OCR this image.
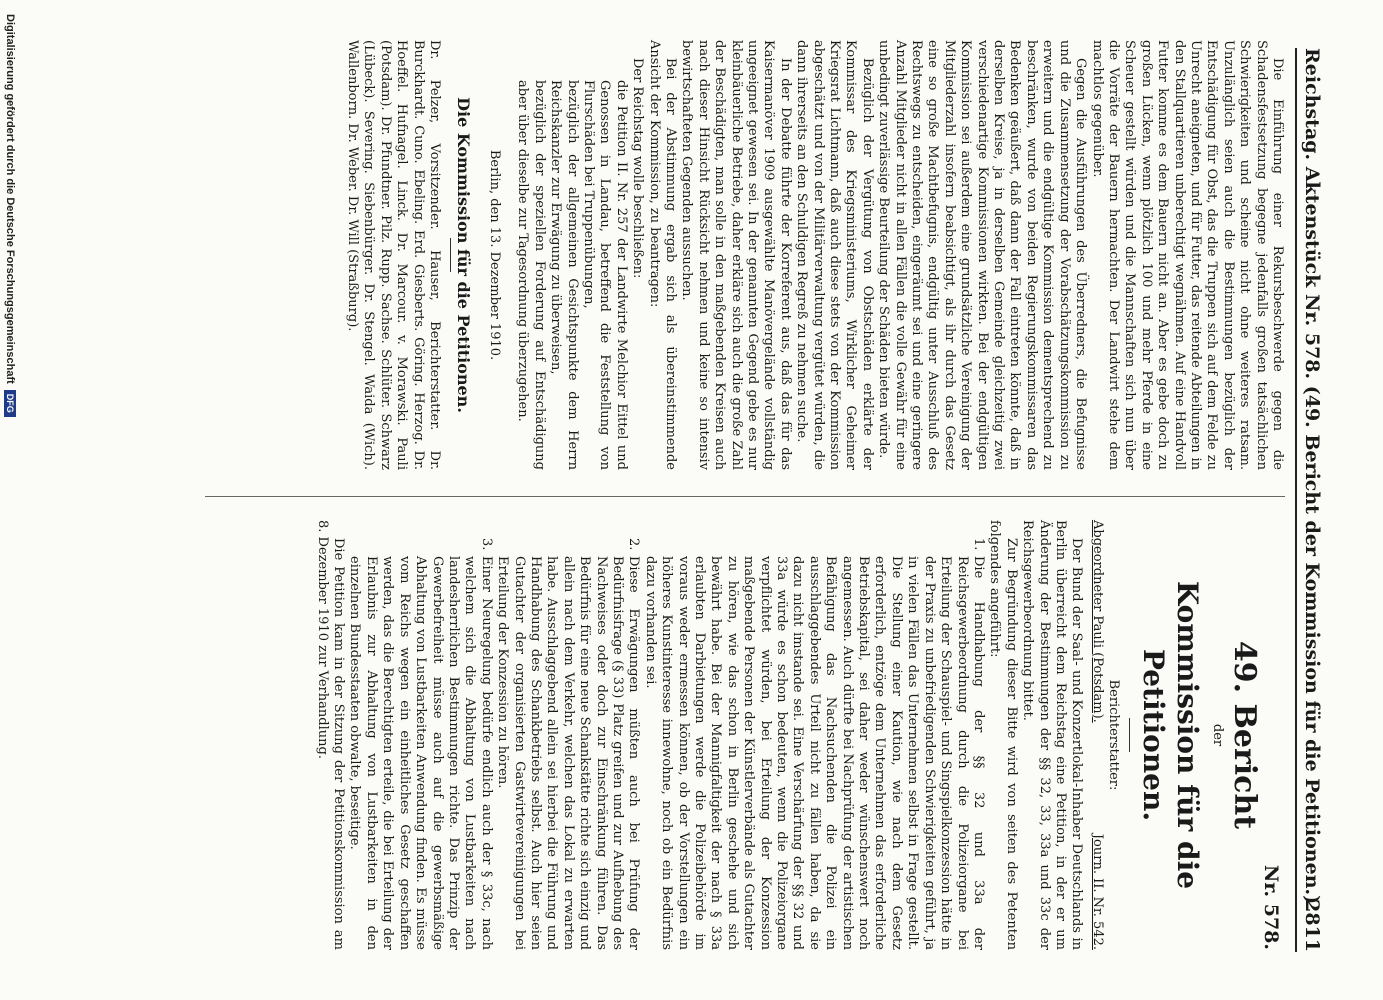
Reichstag. Aktenstück Nr. 578. (49. Bericht der Kommission für die Petitionen.)
2811

Die Einführung einer Rekursbeschwerde gegen die Schadensfestsetzung begegne jedenfalls großen tatsächlichen Schwierigkeiten und scheine nicht ohne weiteres ratsam. Unzulänglich seien auch die Bestimmungen bezüglich der Entschädigung für Obst, das die Truppen sich auf dem Felde zu Unrecht aneigneten, und für Futter, das reitende Abteilungen in den Stallquartieren unberechtigt wegnähmen. Auf eine Handvoll Futter komme es dem Bauern nicht an. Aber es gebe doch zu großen Lücken, wenn plötzlich 100 und mehr Pferde in eine Scheuer gestellt würden und die Mannschaften sich nun über die Vorräte der Bauern hermachten. Der Landwirt stehe dem machtlos gegenüber.

Gegen die Ausführungen des Überredners, die Befugnisse und die Zusammensetzung der Vorabschätzungskommission zu erweitern und die endgültige Kommission dementsprechend zu beschränken, wurde von beiden Regierungskommissaren das Bedenken geäußert, daß dann der Fall eintreten könnte, daß in derselben Kreise, ja in derselben Gemeinde gleichzeitig zwei verschiedenartige Kommissionen wirkten. Bei der endgültigen Kommission sei außerdem eine grundsätzliche Vereinigung der Mitgliederzahl insofern beabsichtigt, als ihr durch das Gesetz eine so große Machtbefugnis, endgültig unter Ausschluß des Rechtswegs zu entscheiden, eingeräumt sei und eine geringere Anzahl Mitglieder nicht in allen Fällen die volle Gewähr für eine unbedingt zuverlässige Beurteilung der Schäden bieten würde.

Bezüglich der Vergütung von Obstschäden erklärte der Kommissar des Kriegsministeriums, Wirklicher Geheimer Kriegsrat Lichtmann, daß auch diese stets von der Kommission abgeschätzt und von der Militärverwaltung vergütet würden, die dann ihrerseits an den Schuldigen Regreß zu nehmen suche.

In der Debatte führte der Korreferent aus, daß das für das Kaisermanöver 1909 ausgewählte Manövergelände vollständig ungeeignet gewesen sei. In der genannten Gegend gebe es nur kleinbäuerliche Betriebe, daher erkläre sich auch die große Zahl der Beschädigten, man solle in den maßgebenden Kreisen auch nach dieser Hinsicht Rücksicht nehmen und keine so intensiv bewirtschafteten Gegenden aussuchen.

Bei der Abstimmung ergab sich als übereinstimmende Ansicht der Kommission, zu beantragen:

Der Reichstag wolle beschließen:

die Petition II. Nr. 257 der Landwirte Melchior Eittel und Genossen in Landau, betreffend die Feststellung von Flurschäden bei Truppenübungen,

bezüglich der allgemeinen Gesichtspunkte dem Herrn Reichskanzler zur Erwägung zu überweisen,

bezüglich der speziellen Forderung auf Entschädigung aber über dieselbe zur Tagesordnung überzugehen.

Berlin, den 13. Dezember 1910.
Die Kommission für die Petitionen.

Dr. Pelzer, Vorsitzender. Hauser, Berichterstatter. Dr. Burckhardt. Cuno. Ebeling. Erd. Giesberts. Göring. Herzog. Dr. Hoeffel. Hufnagel. Linck. Dr. Marcour. v. Morawski. Pauli (Potsdam). Dr. Pfundtner. Pilz. Rupp. Sachse. Schlüter. Schwarz (Lübeck). Severing. Siebenbürger. Dr. Stengel. Waida (Wich). Wallenborn. Dr. Weber. Dr. Will (Straßburg).

Nr. 578.
49. Bericht
der
Kommission für die Petitionen.
Berichterstatter:
Abgeordneter Pauli (Potsdam).
Journ. II. Nr. 542.

Der Bund der Saal- und Konzertlokal-Inhaber Deutschlands in Berlin überreicht dem Reichstag eine Petition, in der er um Änderung der Bestimmungen der §§ 32, 33, 33a und 33c der Reichsgewerbeordnung bittet.

Zur Begründung dieser Bitte wird von seiten des Petenten folgendes angeführt:

1.
Die Handhabung der §§ 32 und 33a der Reichsgewerbeordnung durch die Polizeiorgane bei Erteilung der Schauspiel- und Singspielkonzession hätte in der Praxis zu unbefriedigenden Schwierigkeiten geführt, ja in vielen Fällen das Unternehmen selbst in Frage gestellt. Die Stellung einer Kaution, wie nach dem Gesetz erforderlich, entzöge dem Unternehmen das erforderliche Betriebskapital, sei daher weder wünschenswert noch angemessen. Auch dürfte bei Nachprüfung der artistischen Befähigung das Nachsuchenden die Polizei ein ausschlaggebendes Urteil nicht zu fällen haben, da sie dazu nicht imstande sei. Eine Verschärfung der §§ 32 und 33a würde es schon bedeuten, wenn die Polizeiorgane verpflichtet würden, bei Erteilung der Konzession maßgebende Personen der Künstlerverbände als Gutachter zu hören, wie das schon in Berlin geschehe und sich bewährt habe. Bei der Mannigfaltigkeit der nach § 33a erlaubten Darbietungen werde die Polizeibehörde im voraus weder ermessen können, ob der Vorstellungen ein höheres Kunstinteresse innewohne, noch ob ein Bedürfnis dazu vorhanden sei.
2.
Diese Erwägungen müßten auch bei Prüfung der Bedürfnisfrage (§ 33) Platz greifen und zur Aufhebung des Nachweises oder doch zur Einschränkung führen. Das Bedürfnis für eine neue Schankstätte richte sich einzig und allein nach dem Verkehr, welchen das Lokal zu erwarten habe. Ausschlaggebend allein sei hierbei die Führung und Handhabung des Schankbetriebs selbst. Auch hier seien Gutachter der organisierten Gastwirtevereinigungen bei Erteilung der Konzession zu hören.
3.
Einer Neuregelung bedürfe endlich auch der § 33c, nach welchem sich die Abhaltung von Lustbarkeiten nach landesherrlichen Bestimmungen richte. Das Prinzip der Gewerbefreiheit müsse auch auf die gewerbsmäßige Abhaltung von Lustbarkeiten Anwendung finden. Es müsse vom Reichs wegen ein einheitliches Gesetz geschaffen werden, das die Berechtigten erteile, die bei Erteilung der Erlaubnis zur Abhaltung von Lustbarkeiten in den einzelnen Bundesstaaten obwalte, beseitige.

Die Petition kam in der Sitzung der Petitionskommission am 8. Dezember 1910 zur Verhandlung.

Digitalisierung gefördert durch die Deutsche Forschungsgemeinschaft
DFG
